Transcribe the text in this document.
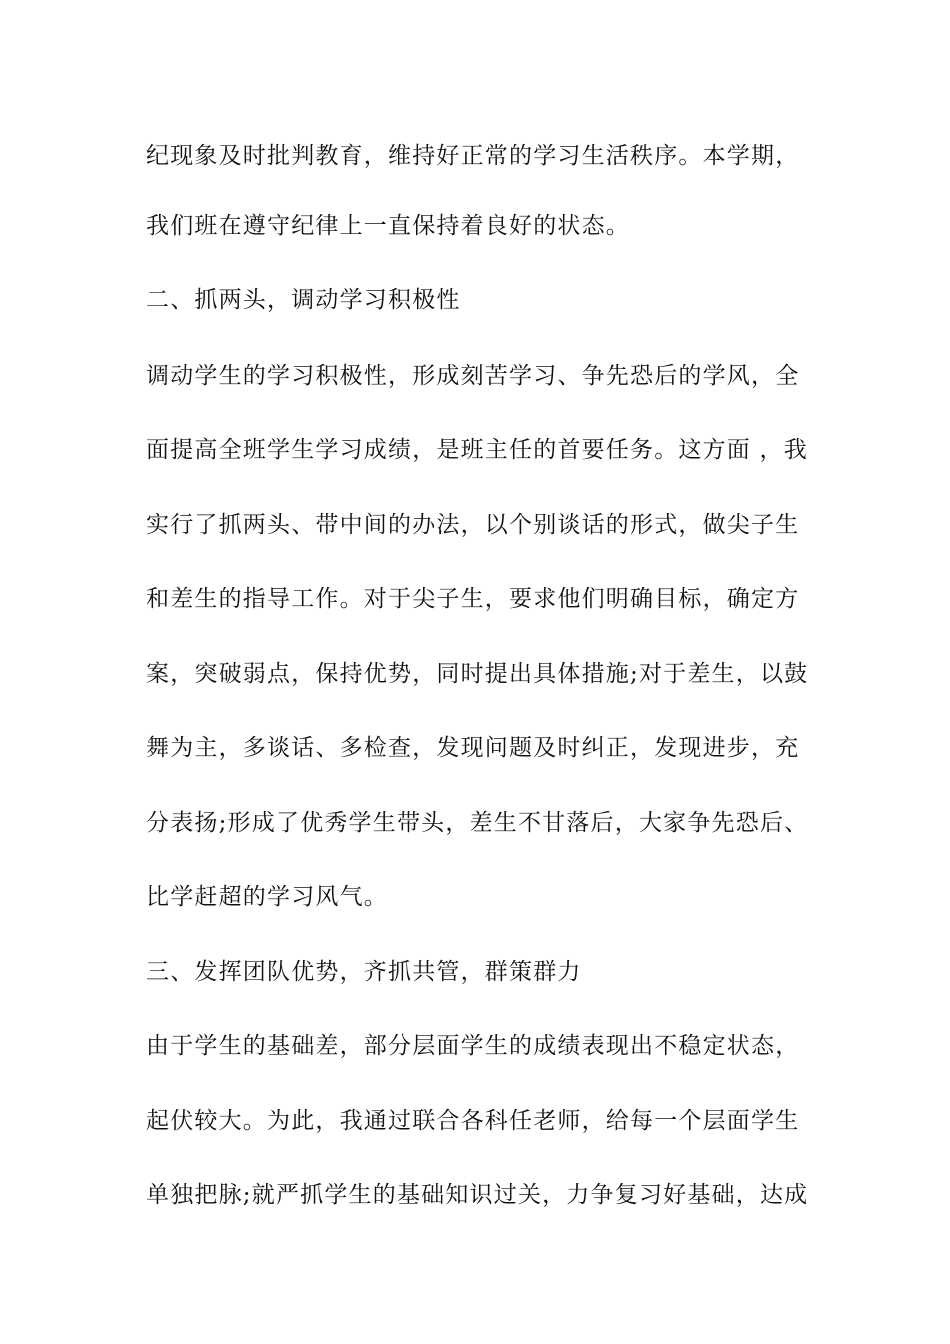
纪现象及时批判教育，维持好正常的学习生活秩序。本学期，
我们班在遵守纪律上一直保持着良好的状态。
二、抓两头，调动学习积极性
调动学生的学习积极性，形成刻苦学习、争先恐后的学风，全
面提高全班学生学习成绩，是班主任的首要任务。这方面 ，我
实行了抓两头、带中间的办法，以个别谈话的形式，做尖子生
和差生的指导工作。对于尖子生，要求他们明确目标，确定方
案，突破弱点，保持优势，同时提出具体措施;对于差生，以鼓
舞为主，多谈话、多检查，发现问题及时纠正，发现进步，充
分表扬;形成了优秀学生带头，差生不甘落后，大家争先恐后、
比学赶超的学习风气。
三、发挥团队优势，齐抓共管，群策群力
由于学生的基础差，部分层面学生的成绩表现出不稳定状态，
起伏较大。为此，我通过联合各科任老师，给每一个层面学生
单独把脉;就严抓学生的基础知识过关，力争复习好基础，达成
